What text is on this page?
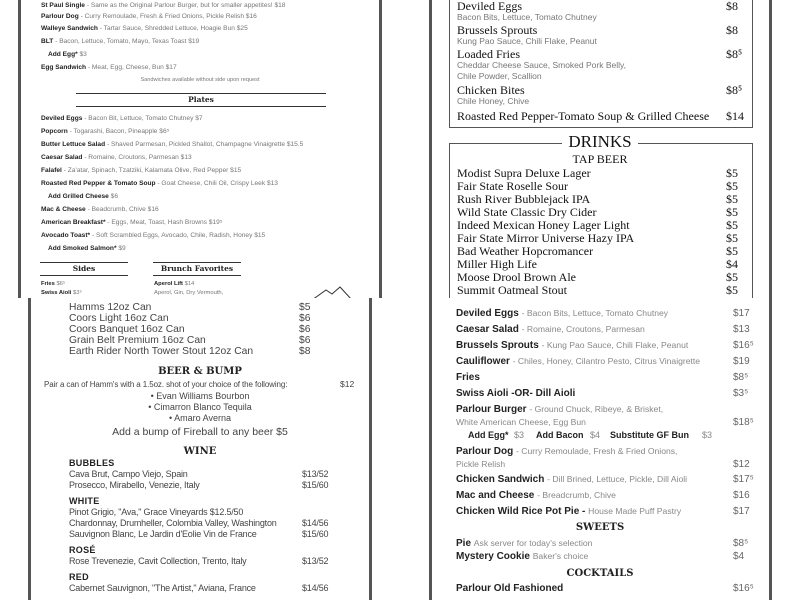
St Paul Single - Same as the Original Parlour Burger, but for smaller appetites! $18
Parlour Dog - Curry Remoulade, Fresh & Fried Onions, Pickle Relish $16
Walleye Sandwich - Tartar Sauce, Shredded Lettuce, Hoagie Bun $25
BLT - Bacon, Lettuce, Tomato, Mayo, Texas Toast $19
Add Egg* $3
Egg Sandwich - Meat, Egg, Cheese, Bun $17
Sandwiches available without side upon request
Plates
Deviled Eggs - Bacon Bit, Lettuce, Tomato Chutney $7
Popcorn - Togarashi, Bacon, Pineapple $6⁵
Butter Lettuce Salad - Shaved Parmesan, Pickled Shallot, Champagne Vinaigrette $15.5
Caesar Salad - Romaine, Croutons, Parmesan $13
Falafel - Za'atar, Spinach, Tzatziki, Kalamata Olive, Red Pepper $15
Roasted Red Pepper & Tomato Soup - Goat Cheese, Chili Oil, Crispy Leek $13
Add Grilled Cheese $6
Mac & Cheese - Beadcrumb, Chive $16
American Breakfast* - Eggs, Meat, Toast, Hash Browns $19⁵
Avocado Toast* - Soft Scrambled Eggs, Avocado, Chile, Radish, Honey $15
Add Smoked Salmon* $9
Sides	Brunch Favorites
Fries $6⁵
Swiss Aioli $3⁵
Aperol Lift $14
Aperol, Gin, Dry Vermouth,
Deviled Eggs	$8
Bacon Bits, Lettuce, Tomato Chutney
Brussels Sprouts	$8
Kung Pao Sauce, Chili Flake, Peanut
Loaded Fries	$8⁵
Cheddar Cheese Sauce, Smoked Pork Belly,
Chile Powder, Scallion
Chicken Bites	$8⁵
Chile Honey, Chive
Roasted Red Pepper-Tomato Soup & Grilled Cheese $14
DRINKS
TAP BEER
Modist Supra Deluxe Lager	$5
Fair State Roselle Sour	$5
Rush River Bubblejack IPA	$5
Wild State Classic Dry Cider	$5
Indeed Mexican Honey Lager Light	$5
Fair State Mirror Universe Hazy IPA	$5
Bad Weather Hopcromancer	$5
Miller High Life	$4
Moose Drool Brown Ale	$5
Summit Oatmeal Stout	$5
BEER & BUMP
Pair a can of Hamm's with a 1.5oz. shot of your choice of the following:	$12
• Evan Williams Bourbon
• Cimarron Blanco Tequila
• Amaro Averna
Add a bump of Fireball to any beer $5
WINE
Hamms 12oz Can	$5
Coors Light 16oz Can	$6
Coors Banquet 16oz Can	$6
Grain Belt Premium 16oz Can	$6
Earth Rider North Tower Stout 12oz Can	$8
BUBBLES
Cava Brut, Campo Viejo, Spain	$13/52
Prosecco, Mirabello, Venezie, Italy	$15/60
WHITE
Pinot Grigio, "Ava," Grace Vineyards $12.5/50
Chardonnay, Drumheller, Colombia Valley, Washington	$14/56
Sauvignon Blanc, Le Jardin d'Eolie Vin de France	$15/60
ROSÉ
Rose Trevenezie, Cavit Collection, Trento, Italy	$13/52
RED
Cabernet Sauvignon, "The Artist," Aviana, France	$14/56
Deviled Eggs - Bacon Bits, Lettuce, Tomato Chutney	$17
Caesar Salad - Romaine, Croutons, Parmesan	$13
Brussels Sprouts - Kung Pao Sauce, Chili Flake, Peanut	$16⁵
Cauliflower - Chiles, Honey, Cilantro Pesto, Citrus Vinaigrette	$19
Fries	$8⁵
Swiss Aioli -OR- Dill Aioli	$3⁵
Parlour Burger - Ground Chuck, Ribeye, & Brisket,
White American Cheese, Egg Bun	$18⁵
Add Egg* $3 Add Bacon $4 Substitute GF Bun $3
Parlour Dog - Curry Remoulade, Fresh & Fried Onions,
Pickle Relish	$12
Chicken Sandwich - Dill Brined, Lettuce, Pickle, Dill Aioli	$17⁵
Mac and Cheese - Breadcrumb, Chive	$16
Chicken Wild Rice Pot Pie - House Made Puff Pastry	$17
SWEETS
Pie Ask server for today's selection	$8⁵
Mystery Cookie Baker's choice	$4
COCKTAILS
Parlour Old Fashioned	$16⁵
